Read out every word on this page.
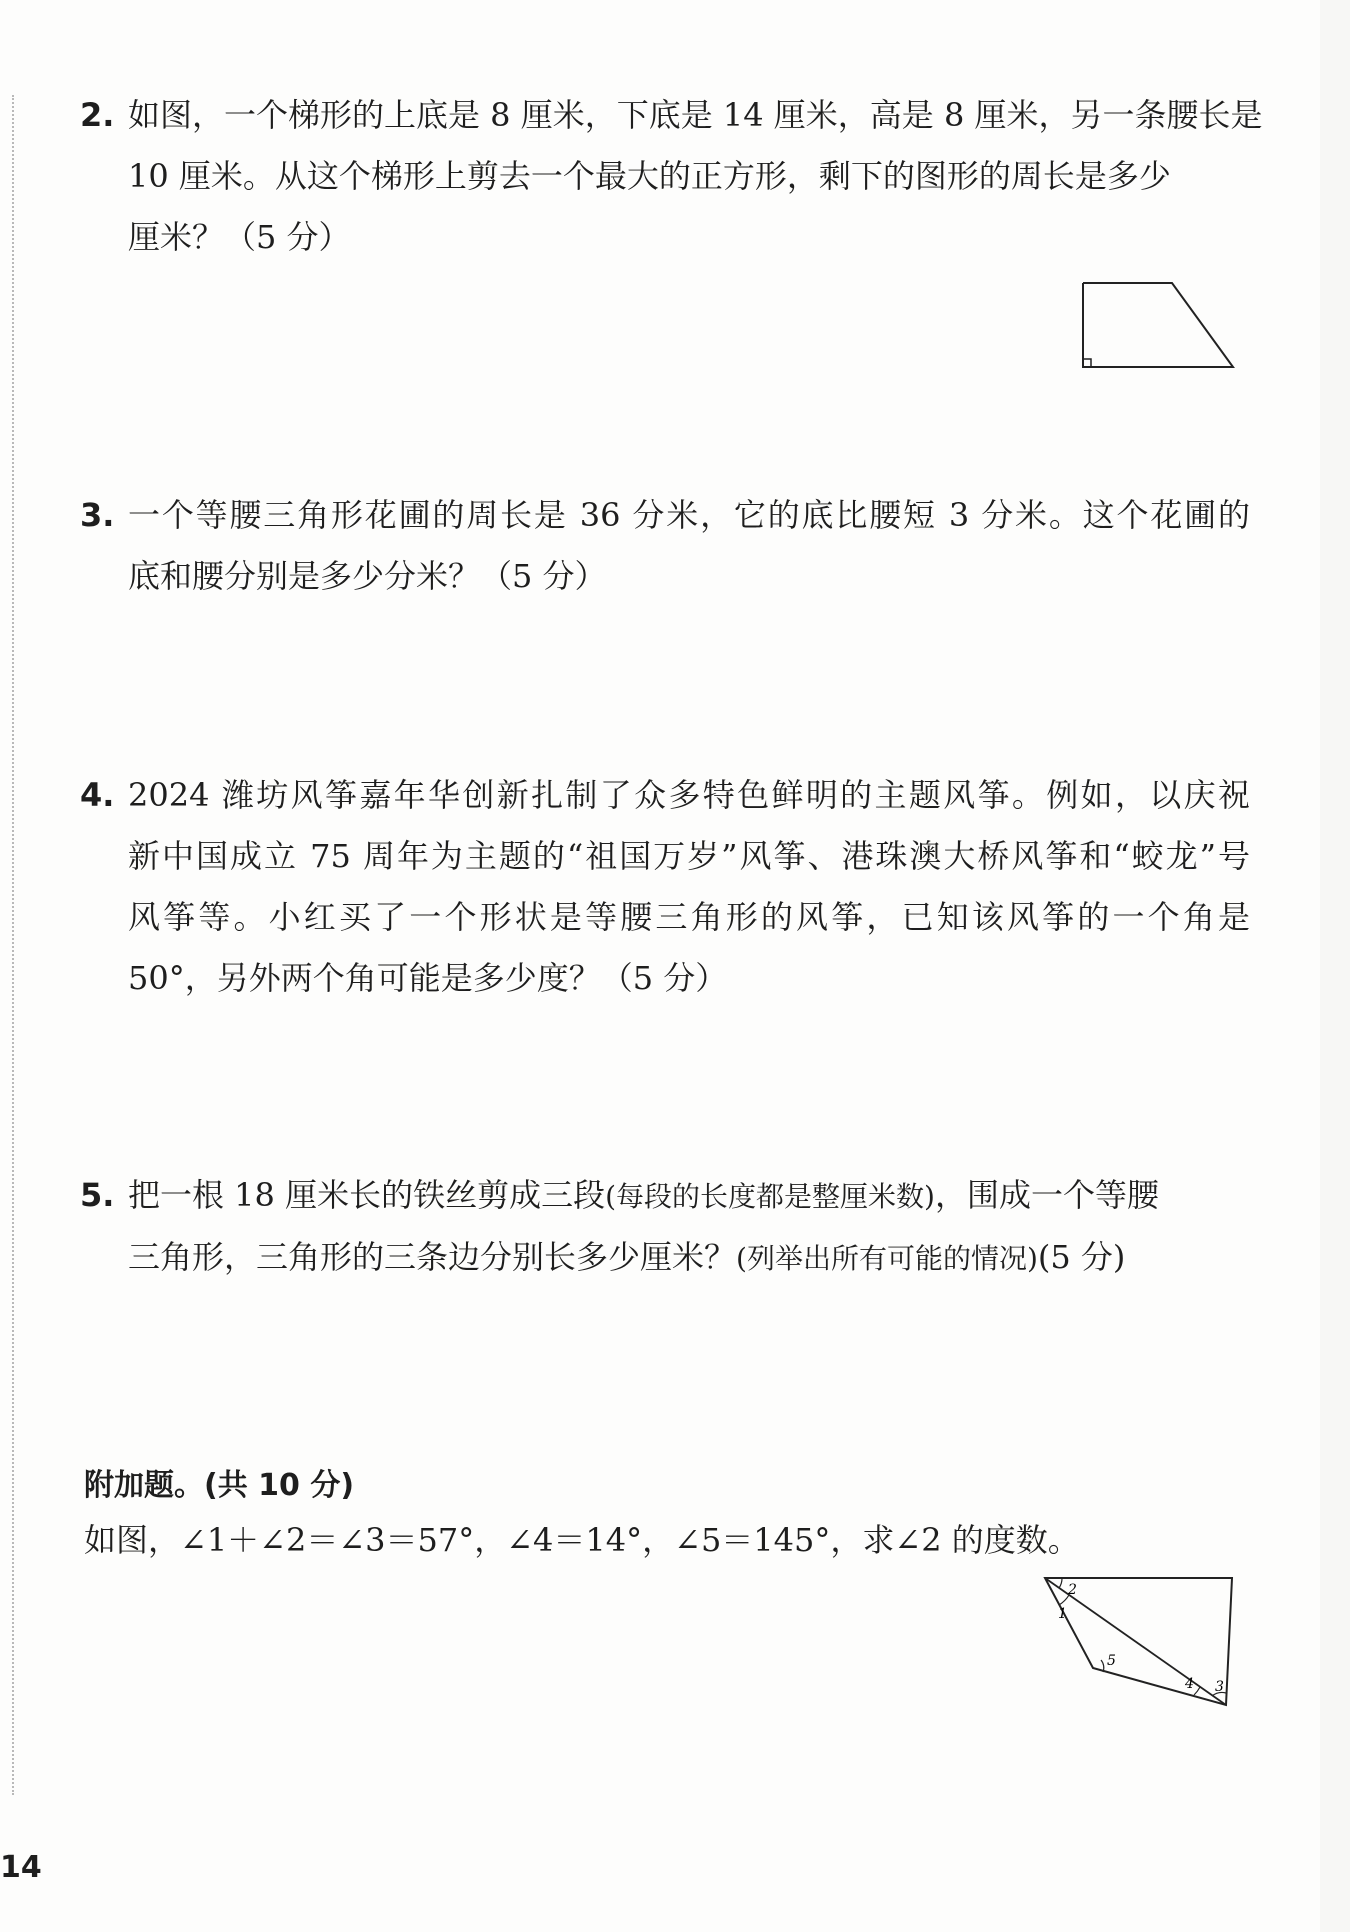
2. 如图，一个梯形的上底是 8 厘米，下底是 14 厘米，高是 8 厘米，另一条腰长是
10 厘米。从这个梯形上剪去一个最大的正方形，剩下的图形的周长是多少
厘米？（5 分）
3. 一个等腰三角形花圃的周长是 36 分米，它的底比腰短 3 分米。这个花圃的
底和腰分别是多少分米？（5 分）
4. 2024 潍坊风筝嘉年华创新扎制了众多特色鲜明的主题风筝。例如，以庆祝
新中国成立 75 周年为主题的“祖国万岁”风筝、港珠澳大桥风筝和“蛟龙”号
风筝等。小红买了一个形状是等腰三角形的风筝，已知该风筝的一个角是
50°，另外两个角可能是多少度？（5 分）
5. 把一根 18 厘米长的铁丝剪成三段(每段的长度都是整厘米数)，围成一个等腰
三角形，三角形的三条边分别长多少厘米？(列举出所有可能的情况)(5 分)
附加题。(共 10 分)
如图，∠1＋∠2＝∠3＝57°，∠4＝14°，∠5＝145°，求∠2 的度数。
2
1
5
4 3
14
